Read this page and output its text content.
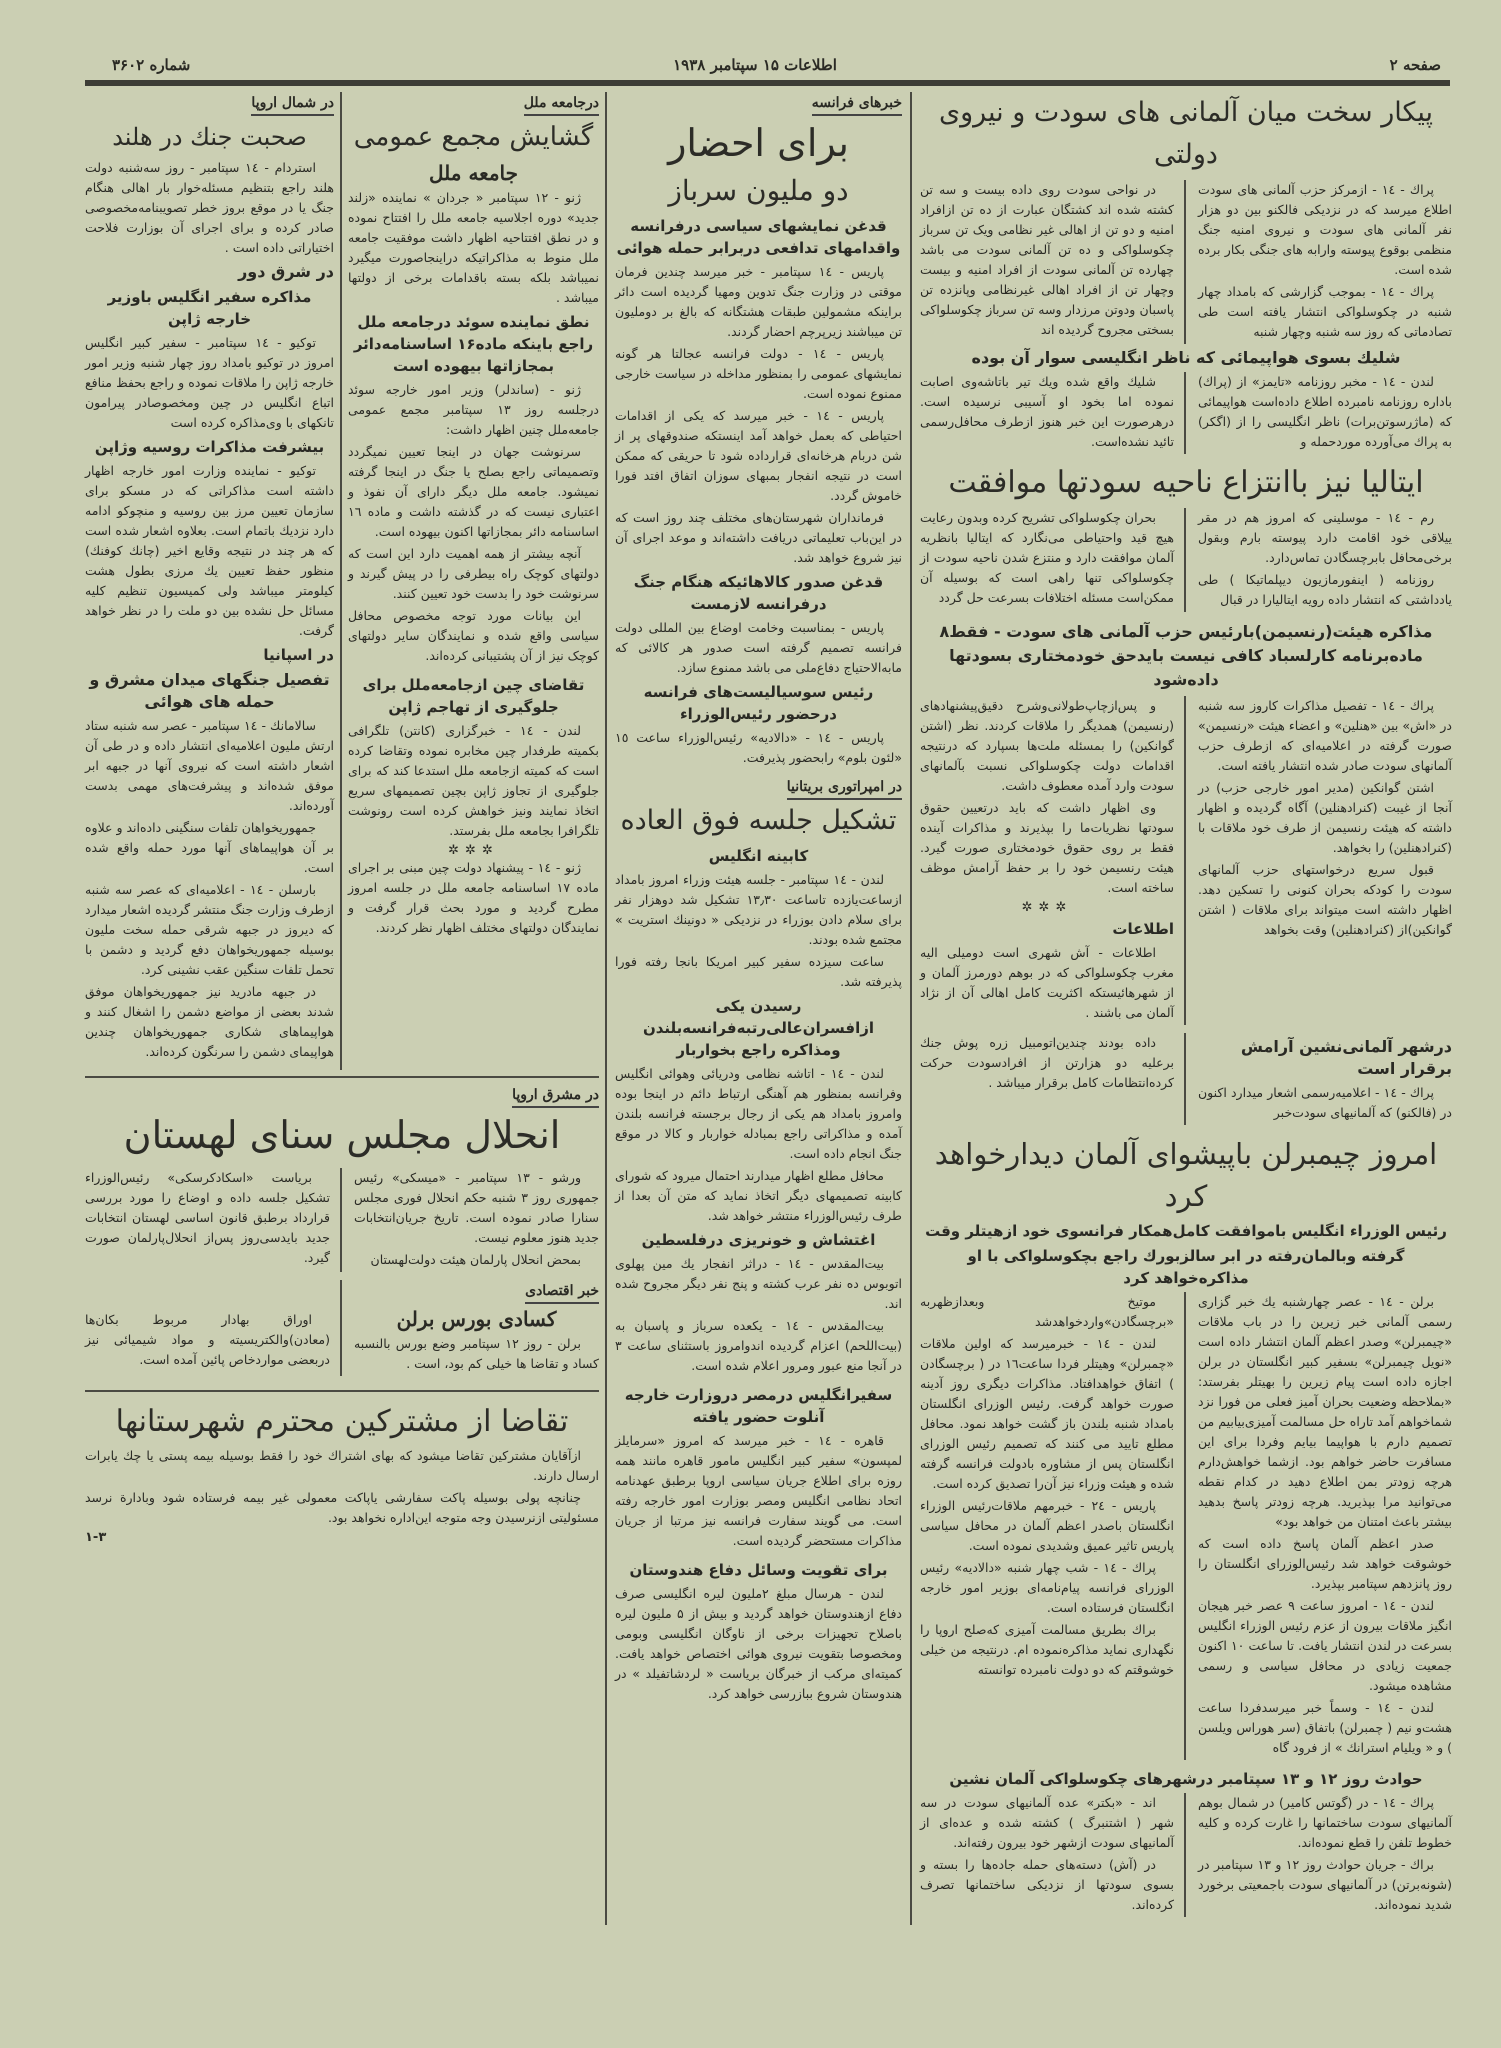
صفحه ۲
اطلاعات ۱۵ سپتامبر ۱۹۳۸
شماره ۳۶۰۲
پیکار سخت میان آلمانی های سودت و نیروی دولتی

پراك - ١٤ - ازمرکز حزب آلمانی های سودت اطلاع میرسد که در نزدیکی فالکنو بین دو هزار نفر آلمانی های سودت و نیروی امنیه جنگ منظمی بوقوع پیوسته وارابه های جنگی بکار برده شده است.

پراك - ١٤ - بموجب گزارشی که بامداد چهار شنبه در چکوسلواکی انتشار یافته است طی تصادماتی که روز سه شنبه وچهار شنبه

در نواحی سودت روی داده بیست و سه تن کشته شده اند کشتگان عبارت از ده تن ازافراد امنیه و دو تن از اهالی غیر نظامی ویک تن سرباز چکوسلواکی و ده تن آلمانی سودت می باشد چهارده تن آلمانی سودت از افراد امنیه و بیست وچهار تن از افراد اهالی غیرنظامی وپانزده تن پاسبان ودوتن مرزدار وسه تن سرباز چکوسلواکی بسختی مجروح گردیده اند

شلیك بسوی هواپیمائی که ناظر انگلیسی سوار آن بوده

لندن - ١٤ - مخبر روزنامه «تایمز» از (پراك) باداره روزنامه نامبرده اطلاع داده‌است هواپیمائی که (ماژرسوتن‌برات) ناظر انگلیسی را از (اگکر) به پراك می‌آورده موردحمله و

شلیك واقع شده ویك تیر باتاشه‌وی اصابت نموده اما بخود او آسیبی نرسیده است. درهرصورت این خبر هنوز ازطرف محافل‌رسمی تائید نشده‌است.

ایتالیا نیز باانتزاع ناحیه سودتها موافقت

رم - ١٤ - موسلینی که امروز هم در مقر ییلاقی خود اقامت دارد پیوسته بارم وبقول برخی‌محافل بابرچسگادن تماس‌دارد.

روزنامه ( اینفورمازیون دیپلماتیکا ) طی یادداشتی که انتشار داده رویه ایتالیارا در قبال

بحران چکوسلواکی تشریح کرده وبدون رعایت هیچ قید واحتیاطی می‌نگارد که ایتالیا بانظریه آلمان موافقت دارد و منتزع شدن ناحیه سودت از چکوسلواکی تنها راهی است که بوسیله آن ممکن‌است مسئله اختلافات بسرعت حل گردد

مذاکره هیئت(رنسیمن)بارئیس حزب آلمانی های سودت - فقط۸ ماده‌برنامه کارلسباد کافی نیست بایدحق خودمختاری بسودتها داده‌شود

پراك - ١٤ - تفصیل مذاکرات کاروز سه شنبه در «ا‌ش» بین «هنلین» و اعضاء هیئت «رنسیمن» صورت گرفته در اعلامیه‌ای که ازطرف حزب آلمانهای سودت صادر شده انتشار یافته است.

اشتن گوانکین (مدیر امور خارجی حزب) در آنجا از غیبت (کنرادهنلین) آگاه گردیده و اظهار داشته که هیئت رنسیمن از طرف خود ملاقات با (کنرادهنلین) را بخواهد.

قبول سریع درخواستهای حزب آلمانهای سودت را کودکه بحران کنونی را تسکین دهد. اظهار داشته است میتواند برای ملاقات ( اشتن گوانکین)از (کنرادهنلین) وقت بخواهد

و پس‌ازچاپ‌طولانی‌و‌شرح دقیق‌پیشنهادهای (رنسیمن) همدیگر را ملاقات کردند. نظر (اشتن گوانکین) را بمسئله ملت‌ها بسپارد که درنتیجه اقدامات دولت چکوسلواکی نسبت بآلمانهای سودت وارد آمده معطوف داشت.

وی اظهار داشت که باید درتعیین حقوق سودتها نظریات‌ما را بپذیرند و مذاکرات آینده فقط بر روی حقوق خودمختاری صورت گیرد. هیئت رنسیمن خود را بر حفظ آرامش موظف ساخته است.

✲✲✲
اطلاعات

اطلاعات - آش شهری است دومیلی الیه مغرب چکوسلواکی که در بوهم دورمرز آلمان و از شهرهائیستکه اکثریت کامل اهالی آن از نژاد آلمان می باشند .

درشهر آلمانی‌نشین آرامش برقرار است

پراك - ١٤ - اعلامیه‌رسمی اشعار میدارد اکنون در (فالکنو) که آلمانیهای سودت‌خبر

داده بودند چندین‌اتومبیل زره پوش جنك برعلیه دو هزارتن از افرادسودت حرکت کرده‌انتظامات کامل برقرار میباشد .

امروز چیمبرلن باپیشوای آلمان دیدارخواهد کرد
رئیس الوزراء انگلیس باموافقت کامل‌همکار فرانسوی خود ازهیتلر وقت
گرفته وبالمان‌رفته در ابر سالزبورك راجع بچکوسلواکی با او مذاکره‌خواهد کرد

برلن - ١٤ - عصر چهارشنبه یك خبر گزاری رسمی آلمانی خبر زیرین را در باب ملاقات «چیمبرلن» وصدر اعظم آلمان انتشار داده است «نویل چیمبرلن» بسفیر کبیر انگلستان در برلن اجازه داده است پیام زیرین را بهیتلر بفرستد: «بملاحظه وضعیت بحران آمیز فعلی من فورا نزد شماخواهم آمد تاراه حل مسالمت آمیزی‌بیابیم من تصمیم دارم با هواپیما بیایم وفردا برای این مسافرت حاضر خواهم بود. ازشما خواهش‌دارم هرچه زودتر بمن اطلاع دهید در کدام نقطه می‌توانید مرا بپذیرید. هرچه زودتر پاسخ بدهید بیشتر باعث امتنان من خواهد بود»

صدر اعظم آلمان پاسخ داده است که خوشوقت خواهد شد رئیس‌الوزرای انگلستان را روز پانزدهم سپتامبر بپذیرد.

لندن - ١٤ - امروز ساعت ٩ عصر خبر هیجان انگیز ملاقات بیرون از عزم رئیس الوزراء انگلیس بسرعت در لندن انتشار یافت. تا ساعت ١٠ اکنون جمعیت زیادی در محافل سیاسی و رسمی مشاهده میشود.

لندن - ١٤ - وسماً خبر میرسدفردا ساعت هشت‌و نیم ( چمبرلن) باتفاق (سر هوراس ویلسن ) و « ویلیام استرانك » از فرود گاه

موتیخ وبعدازظهربه «برچسگادن»وارد‌خواهدشد

لندن - ١٤ - خبرمیرسد که اولین ملاقات «چمبرلن» وهیتلر فردا ساعت١٦ در ( برچسگادن ) اتفاق خواهدافتاد. مذاکرات دیگری روز آدینه صورت خواهد گرفت. رئیس الوزرای انگلستان بامداد شنبه بلندن باز گشت خواهد نمود. محافل مطلع تایید می کنند که تصمیم رئیس الوزرای انگلستان پس از مشاوره بادولت فرانسه گرفته شده و هیئت وزراء نیز آن‌را تصدیق کرده است.

پاریس - ٢٤ - خبرمهم ملاقات‌رئیس الوزراء انگلستان باصدر اعظم آلمان در محافل سیاسی پاریس تاثیر عمیق وشدیدی نموده است.

پراك - ١٤ - شب چهار شنبه «دالادیه» رئیس الوزرای فرانسه پیام‌نامه‌ای بوزیر امور خارجه انگلستان فرستاده است.

براك بطریق مسالمت آمیزی که‌صلح اروپا را نگهداری نماید مذاکره‌نموده ام. درنتیجه من خیلی خوشوقتم که دو دولت نامبرده توانسته

حوادث روز ۱۲ و ۱۳ سپتامبر درشهرهای چکوسلواکی آلمان نشین

پراك - ١٤ - در (گوتس کامیر) در شمال بوهم آلمانیهای سودت ساختمانها را غارت کرده و کلیه خطوط تلفن را قطع نموده‌اند.

براك - جریان حوادث روز ١٢ و ١٣ سپتامبر در (شونه‌برتن) در آلمانیهای سودت باجمعیتی برخورد شدید نموده‌اند.

اند - «بکتر» عده آلمانیهای سودت در سه شهر ( اشتنبرگ ) کشته شده و عده‌ای از آلمانیهای سودت ازشهر خود بیرون رفته‌اند.

در (آش) دسته‌های حمله جاده‌ها را بسته و بسوی سودتها از نزدیکی ساختمانها تصرف کرده‌اند.

خبرهای فرانسه
برای احضار
دو ملیون سرباز
قدغن نمایشهای سیاسی درفرانسه واقدامهای تدافعی دربرابر حمله هوائی

پاریس - ١٤ سپتامبر - خبر میرسد چندین فرمان موقتی در وزارت جنگ تدوین ومهیا گردیده است دائر براینکه مشمولین طبقات هشتگانه که بالغ بر دوملیون تن میباشند زیرپرچم احضار گردند.

پاریس - ١٤ - دولت فرانسه عجالتا هر گونه نمایشهای عمومی را بمنظور مداخله در سیاست خارجی ممنوع نموده است.

پاریس - ١٤ - خبر میرسد که یکی از اقدامات احتیاطی که بعمل خواهد آمد اینستکه صندوقهای پر از شن دربام هرخانه‌ای قرارداده شود تا حریقی که ممکن است در نتیجه انفجار بمبهای سوزان اتفاق افتد فورا خاموش گردد.

فرمانداران شهرستان‌های مختلف چند روز است که در این‌باب تعلیماتی دریافت داشته‌اند و موعد اجرای آن نیز شروع خواهد شد.

قدغن صدور کالاهائیکه هنگام جنگ درفرانسه لازمست

پاریس - بمناسبت وخامت اوضاع بین المللی دولت فرانسه تصمیم گرفته است صدور هر کالائی که مابه‌الاحتیاج دفاع‌ملی می باشد ممنوع سازد.

رئیس سوسیالیست‌های فرانسه درحضور رئیس‌الوزراء

پاریس - ١٤ - «دالادیه» رئیس‌الوزراء ساعت ١٥ «لئون بلوم» رابحضور پذیرفت.

در امپراتوری بریتانیا
تشکیل جلسه فوق العاده
کابینه انگلیس

لندن - ١٤ سپتامبر - جلسه هیئت وزراء امروز بامداد ازساعت‌یازده تاساعت ١٣٫٣٠ تشکیل شد دوهزار نفر برای سلام دادن بوزراء در نزدیکی « دونینك استریت » مجتمع شده بودند.

ساعت سیزده سفیر کبیر امریکا بانجا رفته فورا پذیرفته شد.

رسیدن یکی ازافسران‌عالی‌رتبه‌فرانسه‌بلندن ومذاکره راجع بخواربار

لندن - ١٤ - اتاشه نظامی ودریائی وهوائی انگلیس وفرانسه بمنظور هم آهنگی ارتباط دائم در اینجا بوده وامروز بامداد هم یکی از رجال برجسته فرانسه بلندن آمده و مذاکراتی راجع بمبادله خواربار و کالا در موقع جنگ انجام داده است.

محافل مطلع اظهار میدارند احتمال میرود که شورای کابینه تصمیمهای دیگر اتخاذ نماید که متن آن بعدا از طرف رئیس‌الوزراء منتشر خواهد شد.

اغتشاش و خونریزی درفلسطین

بیت‌المقدس - ١٤ - دراثر انفجار یك مین پهلوی اتوبوس ده نفر عرب کشته و پنج نفر دیگر مجروح شده اند.

بیت‌المقدس - ١٤ - یکعده سرباز و پاسبان به (بیت‌اللحم) اعزام گردیده اندوامروز باستثنای ساعت ٣ در آنجا منع عبور ومرور اعلام شده است.

سفیرانگلیس درمصر دروزارت خارجه آنلوت حضور یافته

قاهره - ١٤ - خبر میرسد که امروز «سرمایلز لمپسون» سفیر کبیر انگلیس مامور قاهره مانند همه روزه برای اطلاع جریان سیاسی اروپا برطبق عهدنامه اتحاد نظامی انگلیس ومصر بوزارت امور خارجه رفته است. می گویند سفارت فرانسه نیز مرتبا از جریان مذاکرات مستحضر گردیده است.

برای تقویت وسائل دفاع هندوستان

لندن - هرسال مبلغ ۲ملیون لیره انگلیسی صرف دفاع ازهندوستان خواهد گردید و بیش از ۵ ملیون لیره باصلاح تجهیزات برخی از ناوگان انگلیسی وبومی ومخصوصا بتقویت نیروی هوائی اختصاص خواهد یافت. کمیته‌ای مرکب از خبرگان بریاست « لردشاتفیلد » در هندوستان شروع ببازرسی خواهد کرد.

درجامعه ملل
گشایش مجمع عمومی
جامعه ملل

ژنو - ١٢ سپتامبر « جردان » نماینده «زلند جدید» دوره اجلاسیه جامعه ملل را افتتاح نموده و در نطق افتتاحیه اظهار داشت موفقیت جامعه ملل منوط به مذاکراتیکه دراینجاصورت میگیرد نمیباشد بلکه بسته باقدامات برخی از دولتها میباشد .

نطق نماینده سوئد درجامعه ملل راجع باینکه ماده۱۶ اساسنامه‌دائر بمجازاتها بیهوده است

ژنو - (ساندلر) وزیر امور خارجه سوئد درجلسه روز ١٣ سپتامبر مجمع عمومی جامعه‌ملل چنین اظهار داشت:

سرنوشت جهان در اینجا تعیین نمیگردد وتصمیماتی راجع بصلح یا جنگ در اینجا گرفته نمیشود. جامعه ملل دیگر دارای آن نفوذ و اعتباری نیست که در گذشته داشت و ماده ١٦ اساسنامه دائر بمجازاتها اکنون بیهوده است.

آنچه بیشتر از همه اهمیت دارد این است که دولتهای کوچک راه بیطرفی را در پیش گیرند و سرنوشت خود را بدست خود تعیین کنند.

این بیانات مورد توجه مخصوص محافل سیاسی واقع شده و نمایندگان سایر دولتهای کوچک نیز از آن پشتیبانی کرده‌اند.

تقاضای چین ازجامعه‌ملل برای جلوگیری از تهاجم ژاپن

لندن - ١٤ - خبرگزاری (کانتن) تلگرافی بکمیته طرفدار چین مخابره نموده وتقاضا کرده است که کمیته ازجامعه ملل استدعا کند که برای جلوگیری از تجاوز ژاپن بچین تصمیمهای سریع اتخاذ نمایند ونیز خواهش کرده است رونوشت تلگرافرا بجامعه ملل بفرستد.

✲✲✲

ژنو - ١٤ - پیشنهاد دولت چین مبنی بر اجرای ماده ١٧ اساسنامه جامعه ملل در جلسه امروز مطرح گردید و مورد بحث قرار گرفت و نمایندگان دولتهای مختلف اظهار نظر کردند.

در شمال اروپا
صحبت جنك در هلند

استردام - ١٤ سپتامبر - روز سه‌شنبه دولت هلند راجع بتنظیم مسئله‌خوار بار اهالی هنگام جنگ یا در موقع بروز خطر تصویبنامه‌مخصوصی صادر کرده و برای اجرای آن بوزارت فلاحت اختیاراتی داده است .

در شرق دور
مذاکره سفیر انگلیس باوزیر خارجه ژاپن

توکیو - ١٤ سپتامبر - سفیر کبیر انگلیس امروز در توکیو بامداد روز چهار شنبه وزیر امور خارجه ژاپن را ملاقات نموده و راجع بحفظ منافع اتباع انگلیس در چین ومخصوصادر پیرامون تانکهای با وی‌مذاکره کرده است

بیشرفت مذاکرات روسیه وژاپن

توکیو - نماینده وزارت امور خارجه اظهار داشته است مذاکراتی که در مسکو برای سازمان تعیین مرز بین روسیه و منچوکو ادامه دارد نزدیك باتمام است. بعلاوه اشعار شده است که هر چند در نتیجه وقایع اخیر (چانك كوفنك) منظور حفظ تعیین یك مرزی بطول هشت کیلومتر میباشد ولی کمیسیون تنظیم کلیه مسائل حل نشده بین دو ملت را در نظر خواهد گرفت.

در اسپانیا
تفصیل جنگهای میدان مشرق و حمله های هوائی

سالامانك - ١٤ سپتامبر - عصر سه شنبه ستاد ارتش ملیون اعلامیه‌ای انتشار داده و در طی آن اشعار داشته است که نیروی آنها در جبهه ابر موفق شده‌اند و پیشرفت‌های مهمی بدست آورده‌اند.

جمهوریخواهان تلفات سنگینی داده‌اند و علاوه بر آن هواپیماهای آنها مورد حمله واقع شده است.

بارسلن - ١٤ - اعلامیه‌ای که عصر سه شنبه ازطرف وزارت جنگ منتشر گردیده اشعار میدارد که دیروز در جبهه شرقی حمله سخت ملیون بوسیله جمهوریخواهان دفع گردید و دشمن با تحمل تلفات سنگین عقب نشینی کرد.

در جبهه مادرید نیز جمهوریخواهان موفق شدند بعضی از مواضع دشمن را اشغال کنند و هواپیماهای شکاری جمهوریخواهان چندین هواپیمای دشمن را سرنگون کرده‌اند.

در مشرق اروپا
انحلال مجلس سنای لهستان

ورشو - ١٣ سپتامبر - «میسکی» رئیس جمهوری روز ٣ شنبه حکم انحلال فوری مجلس سنارا صادر نموده است. تاریخ جریان‌انتخابات جدید هنوز معلوم نیست.

بمحض انحلال پارلمان هیئت دولت‌لهستان

بریاست «اسکادکرسکی» رئیس‌الوزراء تشکیل جلسه داده و اوضاع را مورد بررسی قرارداد برطبق قانون اساسی لهستان انتخابات جدید بایدسی‌روز پس‌از انحلال‌پارلمان صورت گیرد.

خبر اقتصادی
کسادی بورس برلن

برلن - روز ١٢ سپتامبر وضع بورس بالنسبه کساد و تقاضا ها خیلی کم بود، است .

اوراق بهادار مربوط بکان‌ها (معادن)والکتریسیته و مواد شیمیائی نیز دربعضی مواردخاص پائین آمده است.

تقاضا از مشترکین محترم شهرستانها

ازآقایان مشترکین تقاضا میشود که بهای اشتراك خود را فقط بوسیله بیمه پستی یا چك یابرات ارسال دارند.

چنانچه پولی بوسیله پاکت سفارشی یاپاکت معمولی غیر بیمه فرستاده شود وبادارة نرسد مسئولیتی ازنرسیدن وجه متوجه این‌اداره نخواهد بود.

۱-۳
